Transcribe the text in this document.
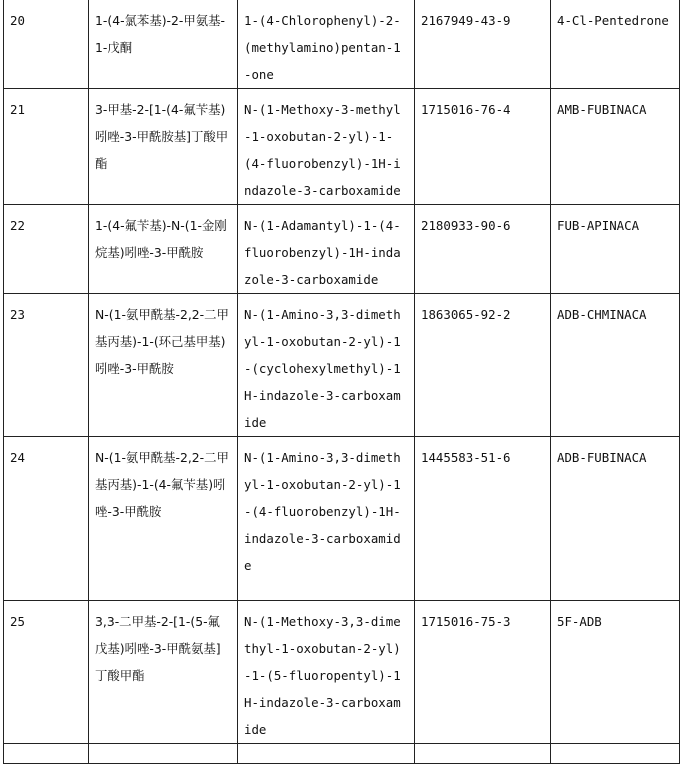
20	1-(4-氯苯基)-2-甲氨基-1-戊酮	1-(4-Chlorophenyl)-2-(methylamino)pentan-1-one	2167949-43-9	4-Cl-Pentedrone
21	3-甲基-2-[1-(4-氟苄基)吲唑-3-甲酰胺基]丁酸甲酯	N-(1-Methoxy-3-methyl-1-oxobutan-2-yl)-1-(4-fluorobenzyl)-1H-indazole-3-carboxamide	1715016-76-4	AMB-FUBINACA
22	1-(4-氟苄基)-N-(1-金刚烷基)吲唑-3-甲酰胺	N-(1-Adamantyl)-1-(4-fluorobenzyl)-1H-indazole-3-carboxamide	2180933-90-6	FUB-APINACA
23	N-(1-氨甲酰基-2,2-二甲基丙基)-1-(环己基甲基)吲唑-3-甲酰胺	N-(1-Amino-3,3-dimethyl-1-oxobutan-2-yl)-1-(cyclohexylmethyl)-1H-indazole-3-carboxamide	1863065-92-2	ADB-CHMINACA
24	N-(1-氨甲酰基-2,2-二甲基丙基)-1-(4-氟苄基)吲唑-3-甲酰胺	N-(1-Amino-3,3-dimethyl-1-oxobutan-2-yl)-1-(4-fluorobenzyl)-1H-indazole-3-carboxamide	1445583-51-6	ADB-FUBINACA
25	3,3-二甲基-2-[1-(5-氟戊基)吲唑-3-甲酰氨基]丁酸甲酯	N-(1-Methoxy-3,3-dimethyl-1-oxobutan-2-yl)-1-(5-fluoropentyl)-1H-indazole-3-carboxamide	1715016-75-3	5F-ADB
